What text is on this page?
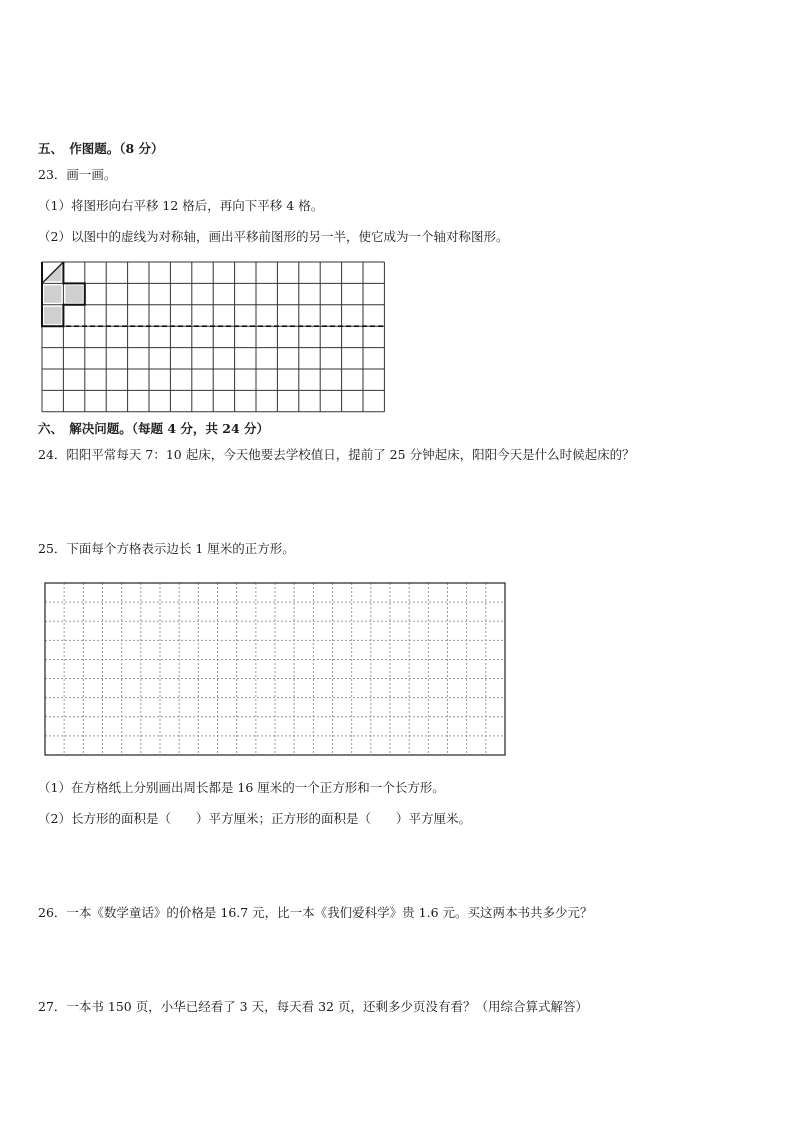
五、　作图题。（8 分）
23．画一画。
（1）将图形向右平移 12 格后，再向下平移 4 格。
（2）以图中的虚线为对称轴，画出平移前图形的另一半，使它成为一个轴对称图形。
六、　解决问题。（每题 4 分，共 24 分）
24．阳阳平常每天 7：10 起床，今天他要去学校值日，提前了 25 分钟起床，阳阳今天是什么时候起床的？
25．下面每个方格表示边长 1 厘米的正方形。
（1）在方格纸上分别画出周长都是 16 厘米的一个正方形和一个长方形。
（2）长方形的面积是（　　）平方厘米；正方形的面积是（　　）平方厘米。
26．一本《数学童话》的价格是 16.7 元，比一本《我们爱科学》贵 1.6 元。买这两本书共多少元？
27．一本书 150 页，小华已经看了 3 天，每天看 32 页，还剩多少页没有看？（用综合算式解答）
